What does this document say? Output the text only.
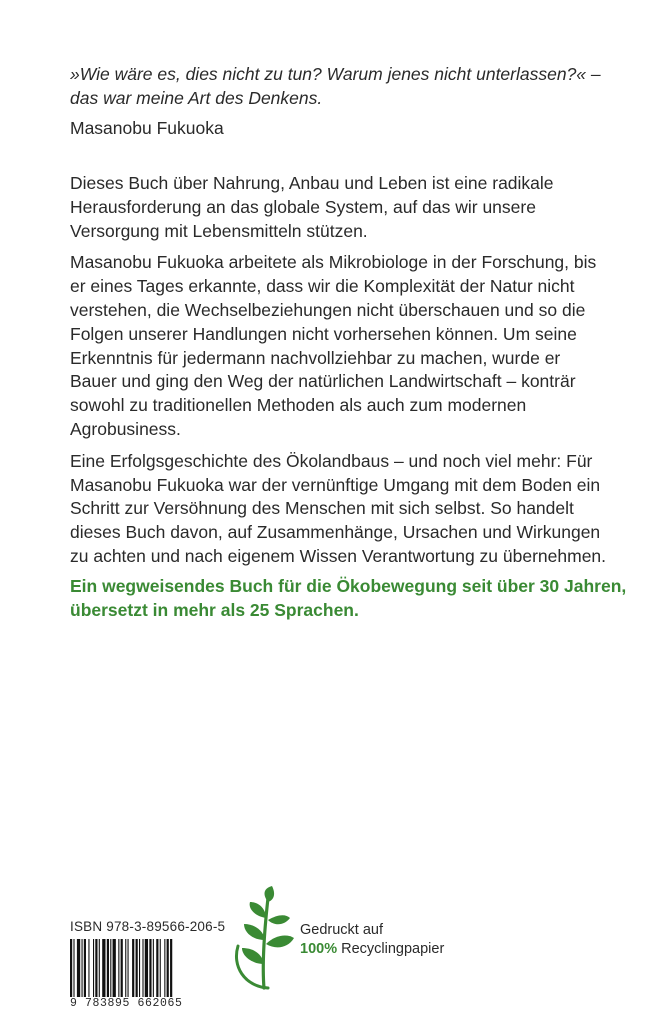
»Wie wäre es, dies nicht zu tun? Warum jenes nicht unterlassen?« – das war meine Art des Denkens.

Masanobu Fukuoka

Dieses Buch über Nahrung, Anbau und Leben ist eine radikale Herausforderung an das globale System, auf das wir unsere Versorgung mit Lebensmitteln stützen.

Masanobu Fukuoka arbeitete als Mikrobiologe in der Forschung, bis er eines Tages erkannte, dass wir die Komplexität der Natur nicht verstehen, die Wechselbeziehungen nicht überschauen und so die Folgen unserer Handlungen nicht vorhersehen können. Um seine Erkenntnis für jedermann nachvollziehbar zu machen, wurde er Bauer und ging den Weg der natürlichen Landwirtschaft – konträr sowohl zu traditionellen Methoden als auch zum modernen Agrobusiness.

Eine Erfolgsgeschichte des Ökolandbaus – und noch viel mehr: Für Masanobu Fukuoka war der vernünftige Umgang mit dem Boden ein Schritt zur Versöhnung des Menschen mit sich selbst. So handelt dieses Buch davon, auf Zusammenhänge, Ursachen und Wirkungen zu achten und nach eigenem Wissen Verantwortung zu übernehmen.

Ein wegweisendes Buch für die Ökobewegung seit über 30 Jahren, übersetzt in mehr als 25 Sprachen.

ISBN 978-3-89566-206-5

9 783895 662065

Gedruckt auf
100% Recyclingpapier
